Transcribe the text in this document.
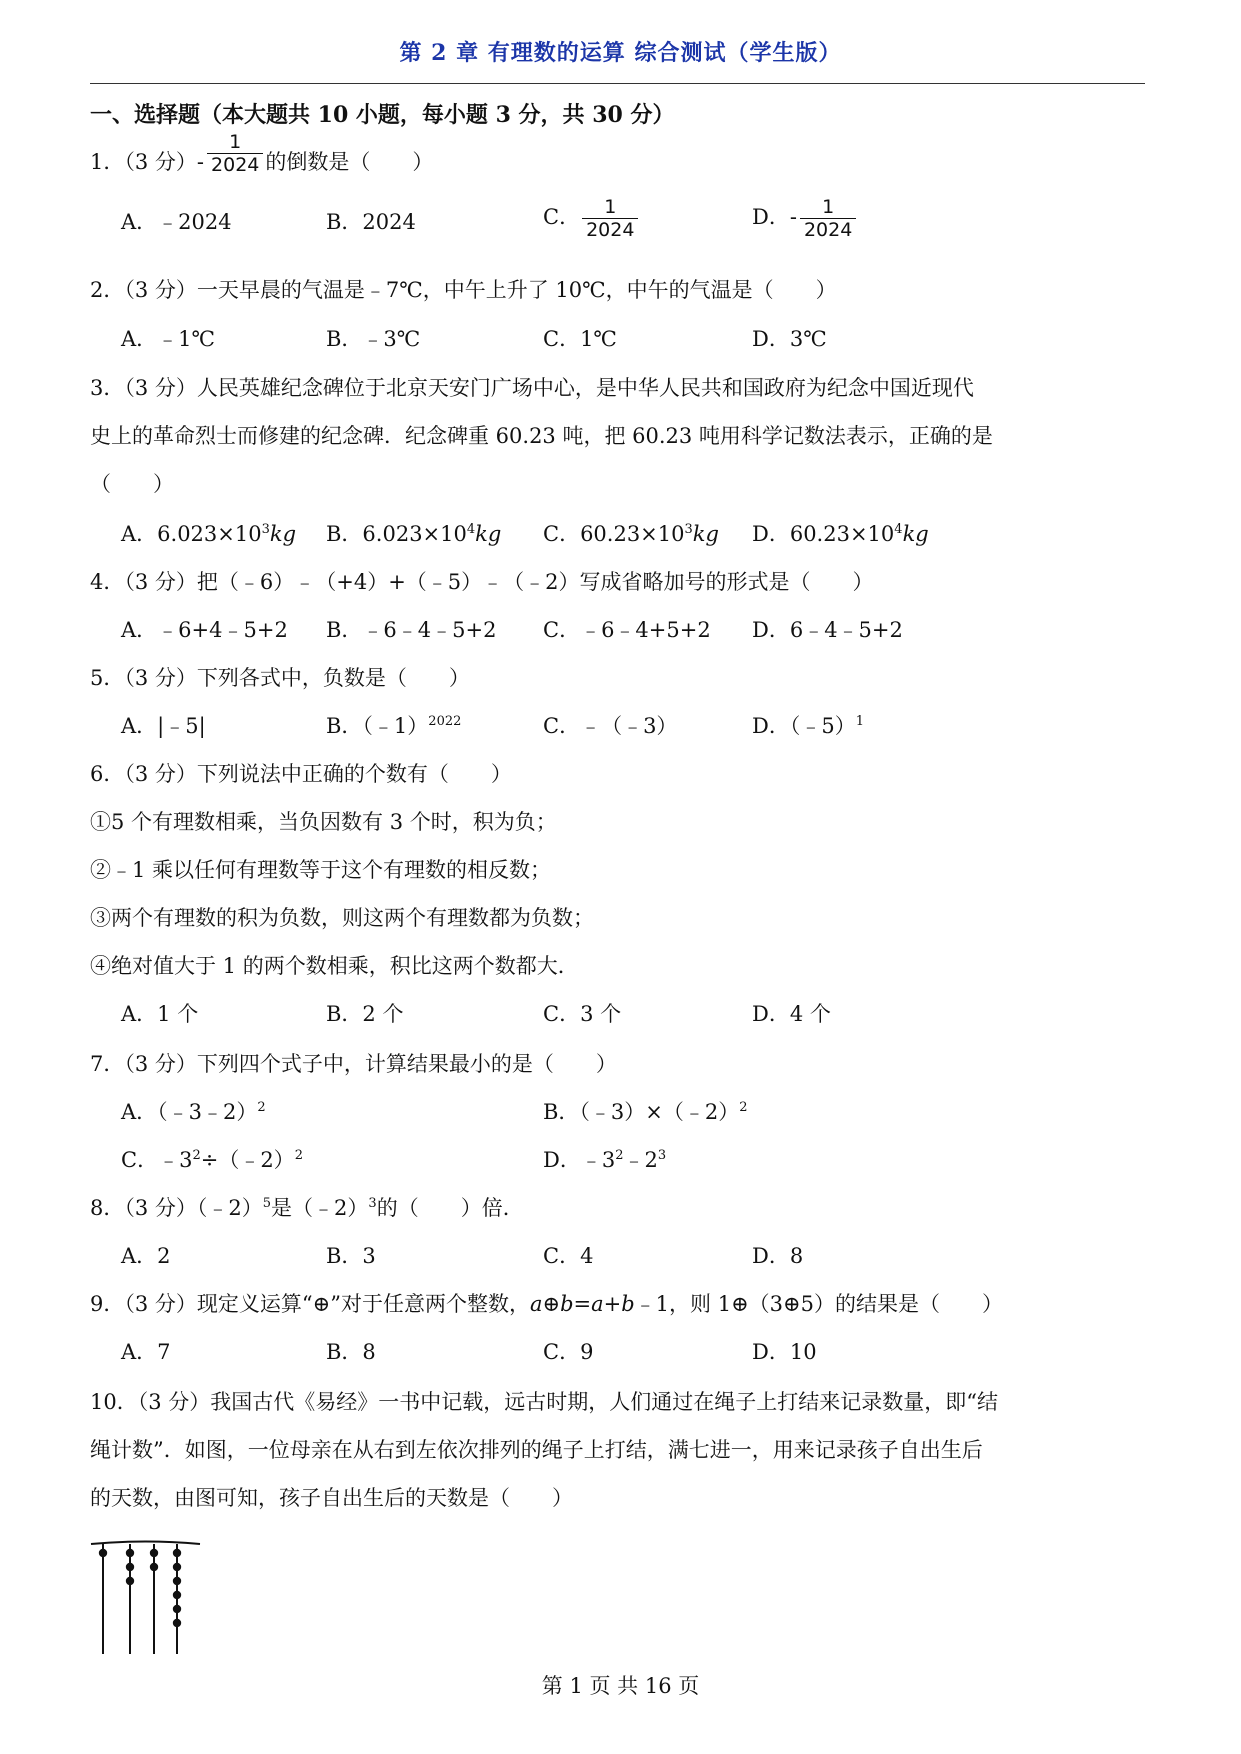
第 2 章 有理数的运算 综合测试（学生版）
一、选择题（本大题共 10 小题，每小题 3 分，共 30 分）
1．（3 分）- $\frac{1}{2024}$ 的倒数是（　　）
A．﹣2024	B．2024	C． $\frac{1}{2024}$	D．- $\frac{1}{2024}$
2．（3 分）一天早晨的气温是﹣7℃，中午上升了 10℃，中午的气温是（　　）
A．﹣1℃	B．﹣3℃	C．1℃	D．3℃
3．（3 分）人民英雄纪念碑位于北京天安门广场中心，是中华人民共和国政府为纪念中国近现代
史上的革命烈士而修建的纪念碑．纪念碑重 60.23 吨，把 60.23 吨用科学记数法表示，正确的是
（　　）
A．$6.023\times 10^3kg$ B．$6.023\times 10^4kg$ C．$60.23\times 10^3kg$ D．$60.23\times 10^4kg$
4．（3 分）把（﹣6）﹣（+4）+（﹣5）﹣（﹣2）写成省略加号的形式是（　　）
A．﹣6+4﹣5+2 B．﹣6﹣4﹣5+2 C．﹣6﹣4+5+2 D．6﹣4﹣5+2
5．（3 分）下列各式中，负数是（　　）
A．|﹣5|	B．（﹣1）$^{2022}$	C．﹣（﹣3）	D．（﹣5）$^1$
6．（3 分）下列说法中正确的个数有（　　）
①5 个有理数相乘，当负因数有 3 个时，积为负；
②﹣1 乘以任何有理数等于这个有理数的相反数；
③两个有理数的积为负数，则这两个有理数都为负数；
④绝对值大于 1 的两个数相乘，积比这两个数都大．
A．1 个	B．2 个	C．3 个	D．4 个
7．（3 分）下列四个式子中，计算结果最小的是（　　）
A．（﹣3﹣2）$^2$	B．（﹣3）×（﹣2）$^2$
C．$﹣3^2\div(﹣2)^2$	D．$﹣3^2﹣2^3$
8．（3 分）（﹣2）$^5$是（﹣2）$^3$的（　　）倍．
A．2	B．3	C．4	D．8
9．（3 分）现定义运算“⊕”对于任意两个整数，a⊕b=a+b﹣1，则 1⊕（3⊕5）的结果是（　　）
A．7	B．8	C．9	D．10
10．（3 分）我国古代《易经》一书中记载，远古时期，人们通过在绳子上打结来记录数量，即“结
绳计数”．如图，一位母亲在从右到左依次排列的绳子上打结，满七进一，用来记录孩子自出生后
的天数，由图可知，孩子自出生后的天数是（　　）
第 1 页 共 16 页
